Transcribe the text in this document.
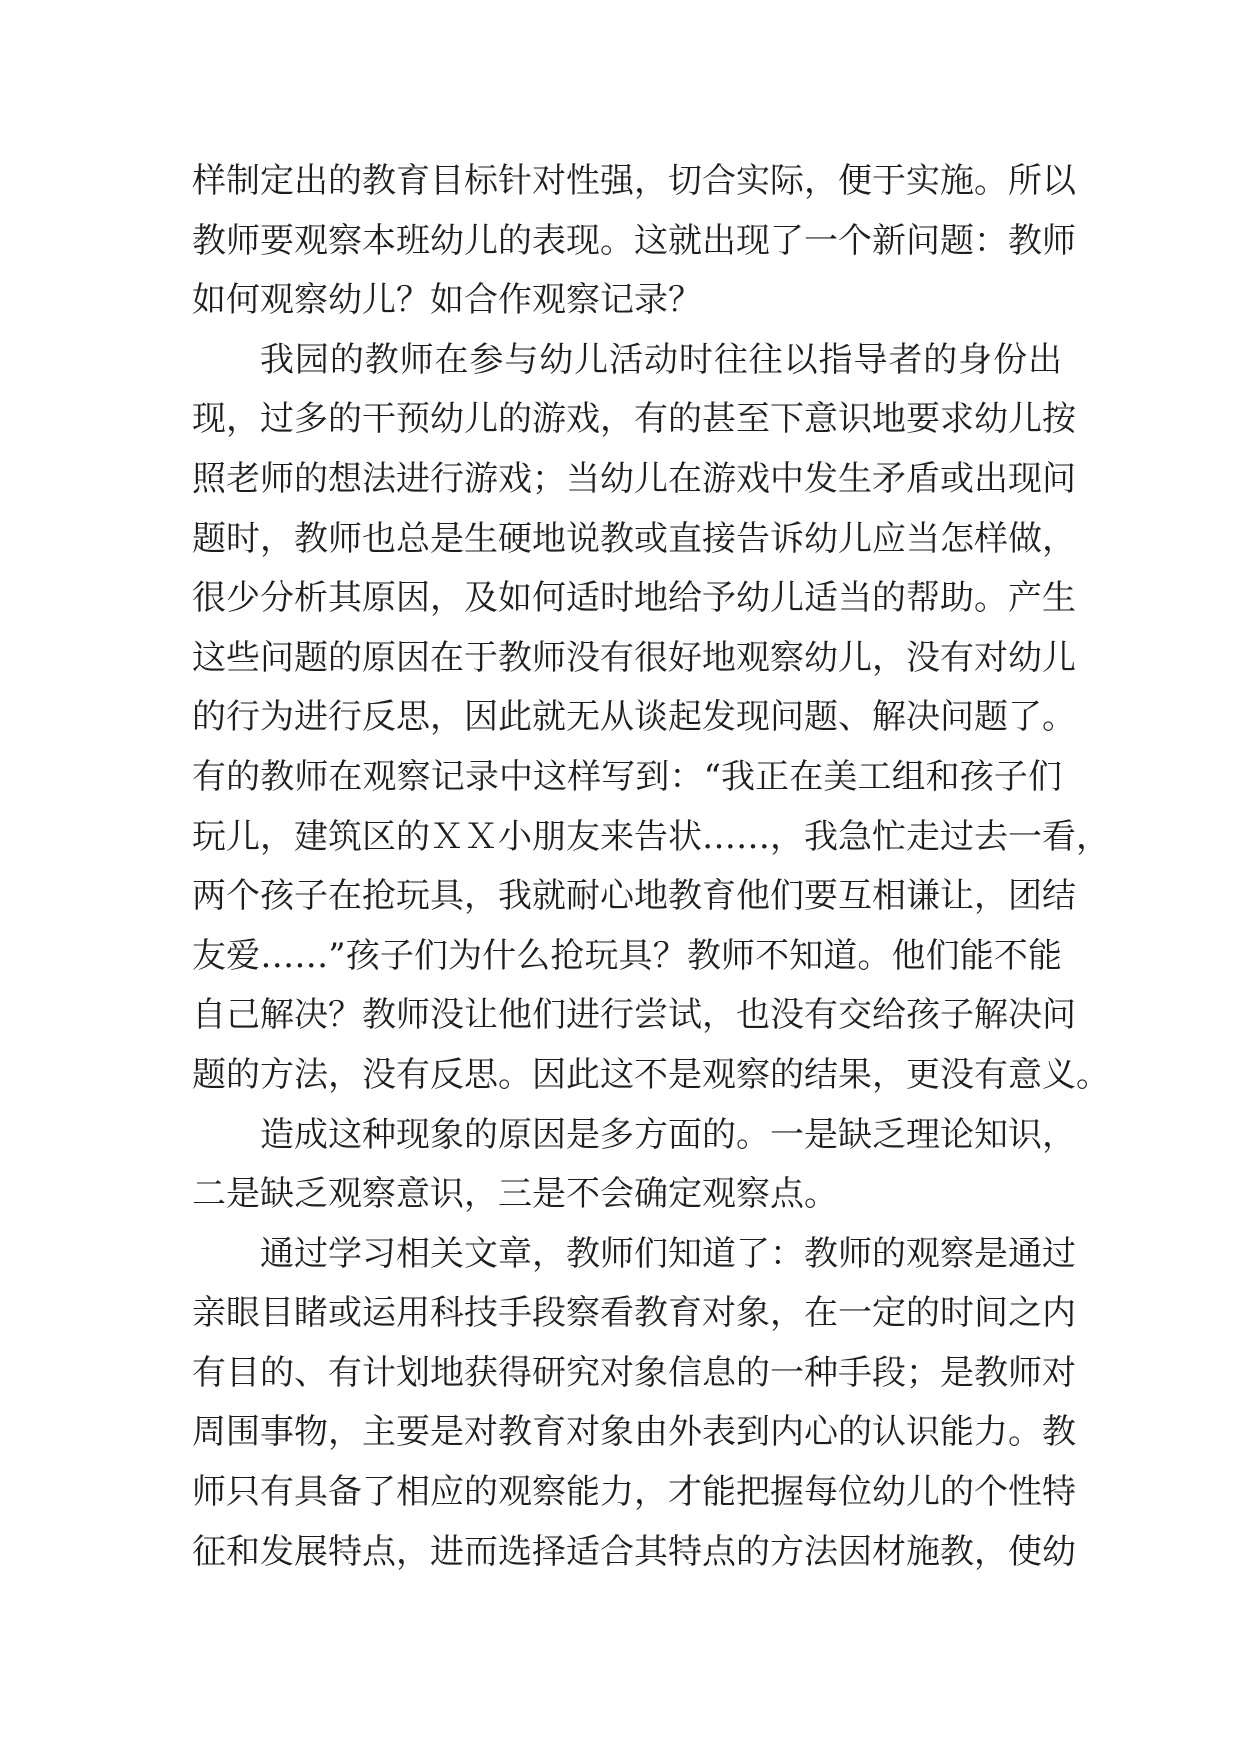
样制定出的教育目标针对性强，切合实际，便于实施。所以
教师要观察本班幼儿的表现。这就出现了一个新问题：教师
如何观察幼儿？如合作观察记录？
我园的教师在参与幼儿活动时往往以指导者的身份出
现，过多的干预幼儿的游戏，有的甚至下意识地要求幼儿按
照老师的想法进行游戏；当幼儿在游戏中发生矛盾或出现问
题时，教师也总是生硬地说教或直接告诉幼儿应当怎样做，
很少分析其原因，及如何适时地给予幼儿适当的帮助。产生
这些问题的原因在于教师没有很好地观察幼儿，没有对幼儿
的行为进行反思，因此就无从谈起发现问题、解决问题了。
有的教师在观察记录中这样写到：“我正在美工组和孩子们
玩儿，建筑区的ＸＸ小朋友来告状……，我急忙走过去一看，
两个孩子在抢玩具，我就耐心地教育他们要互相谦让，团结
友爱……”孩子们为什么抢玩具？教师不知道。他们能不能
自己解决？教师没让他们进行尝试，也没有交给孩子解决问
题的方法，没有反思。因此这不是观察的结果，更没有意义。
造成这种现象的原因是多方面的。一是缺乏理论知识，
二是缺乏观察意识，三是不会确定观察点。
通过学习相关文章，教师们知道了：教师的观察是通过
亲眼目睹或运用科技手段察看教育对象，在一定的时间之内
有目的、有计划地获得研究对象信息的一种手段；是教师对
周围事物，主要是对教育对象由外表到内心的认识能力。教
师只有具备了相应的观察能力，才能把握每位幼儿的个性特
征和发展特点，进而选择适合其特点的方法因材施教，使幼
